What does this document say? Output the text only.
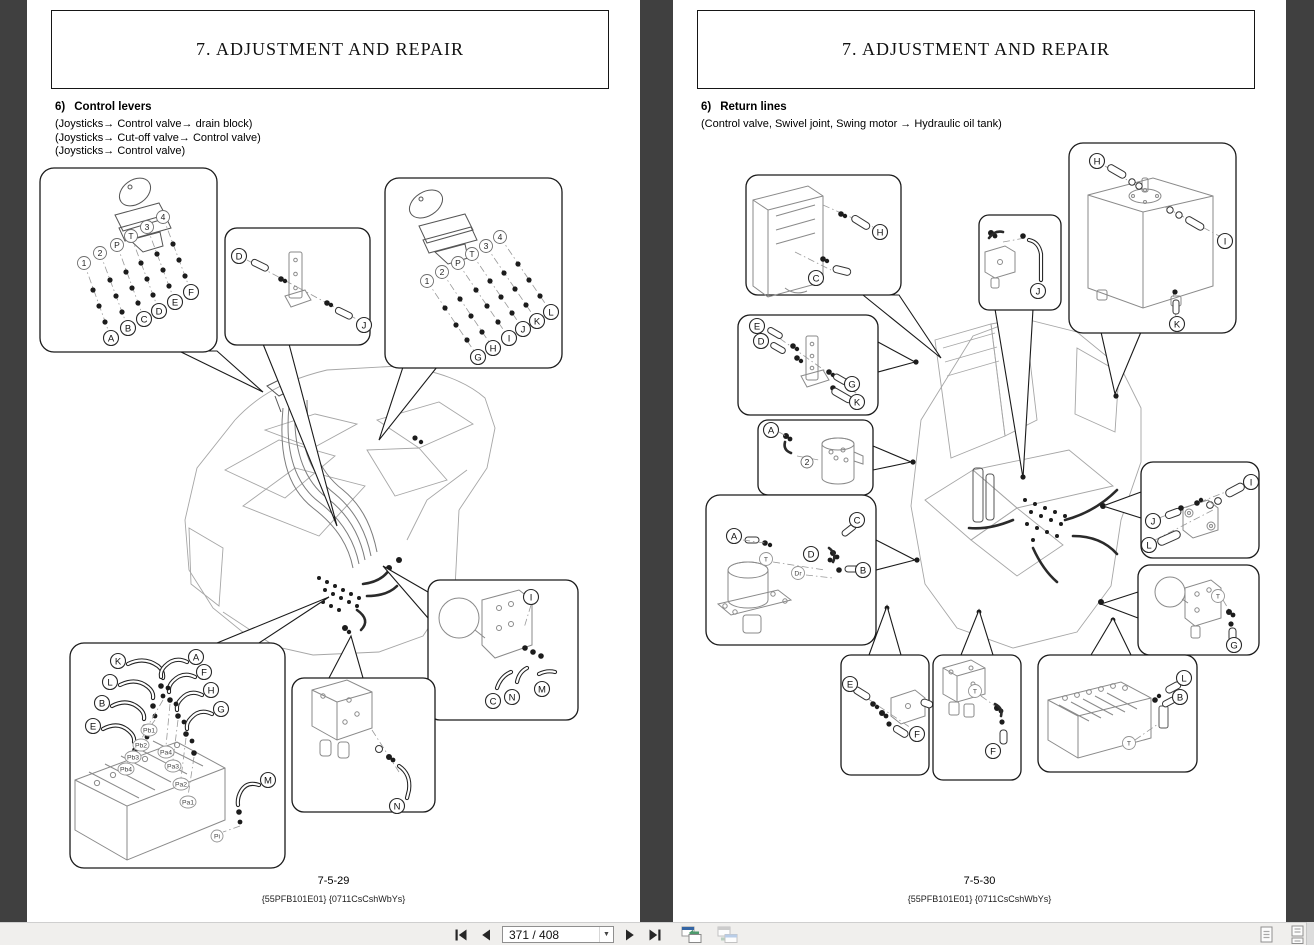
7. ADJUSTMENT AND REPAIR
6) Control levers
(Joysticks→ Control valve→ drain block)
(Joysticks→ Cut-off valve→ Control valve)
(Joysticks→ Control valve)
1
2
P
T
3
4
A
B
C
D
E
F
D
J
1
2
P
T
3
4
G
H
I
J
K
L
I
C N
M
K
L
B
E
A
F
H
G
M
Pb1
Pb2
Pb3
Pb4
Pa4
Pa3
Pa2
Pa1
Pi
N
7-5-29
{55PFB101E01} {0711CsCshWbYs}
7. ADJUSTMENT AND REPAIR
6) Return lines
(Control valve, Swivel joint, Swing motor → Hydraulic oil tank)
H
C
J
H
I
K
E
D
G
K
A
2
A
C
D
B
T
Dr
I
J
L
T
G
E
F
T
F
T
L
B
7-5-30
{55PFB101E01} {0711CsCshWbYs}
371 / 408	▼
